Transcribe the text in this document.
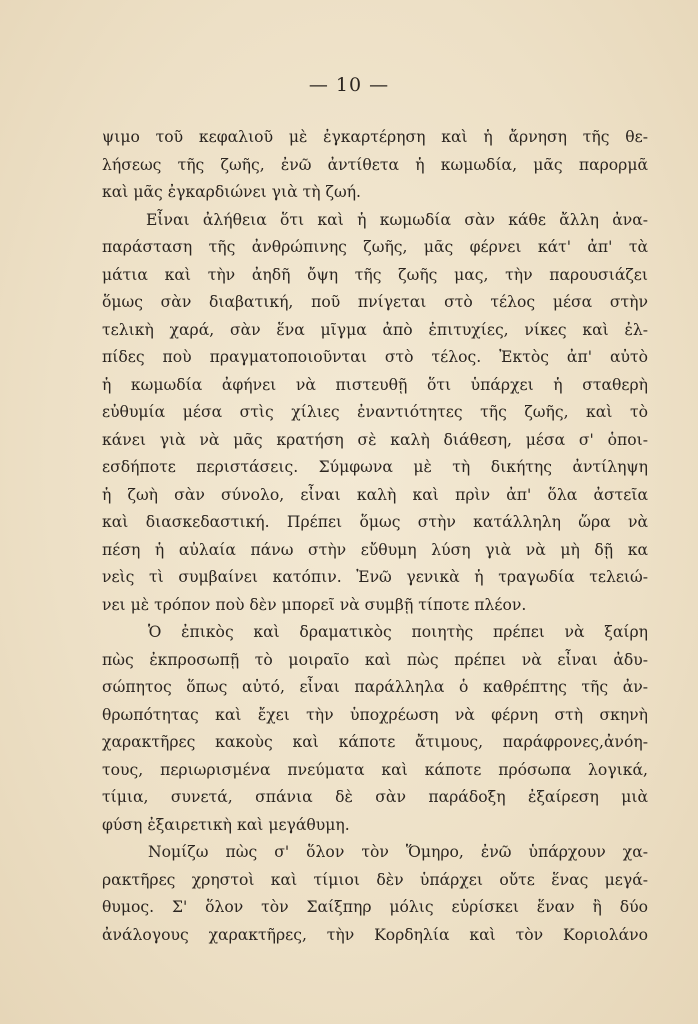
— 10 —
ψιμο τοῦ κεφαλιοῦ μὲ ἐγκαρτέρηση καὶ ἡ ἄρνηση τῆς θε-
λήσεως τῆς ζωῆς, ἐνῶ ἀντίθετα ἡ κωμωδία, μᾶς παρορμᾶ
καὶ μᾶς ἐγκαρδιώνει γιὰ τὴ ζωή.
Εἶναι ἀλήθεια ὅτι καὶ ἡ κωμωδία σὰν κάθε ἄλλη ἀνα-
παράσταση τῆς ἀνθρώπινης ζωῆς, μᾶς φέρνει κάτ' ἀπ' τὰ
μάτια καὶ τὴν ἀηδῆ ὄψη τῆς ζωῆς μας, τὴν παρουσιάζει
ὅμως σὰν διαβατική, ποῦ πνίγεται στὸ τέλος μέσα στὴν
τελικὴ χαρά, σὰν ἕνα μῖγμα ἀπὸ ἐπιτυχίες, νίκες καὶ ἐλ-
πίδες ποὺ πραγματοποιοῦνται στὸ τέλος. Ἐκτὸς ἀπ' αὐτὸ
ἡ κωμωδία ἀφήνει νὰ πιστευθῇ ὅτι ὑπάρχει ἡ σταθερὴ
εὐθυμία μέσα στὶς χίλιες ἐναντιότητες τῆς ζωῆς, καὶ τὸ
κάνει γιὰ νὰ μᾶς κρατήση σὲ καλὴ διάθεση, μέσα σ' ὁποι-
εσδήποτε περιστάσεις. Σύμφωνα μὲ τὴ δικήτης ἀντίληψη
ἡ ζωὴ σὰν σύνολο, εἶναι καλὴ καὶ πρὶν ἀπ' ὅλα ἀστεῖα
καὶ διασκεδαστική. Πρέπει ὅμως στὴν κατάλληλη ὥρα νὰ
πέση ἡ αὐλαία πάνω στὴν εὔθυμη λύση γιὰ νὰ μὴ δῇ κα
νεὶς τὶ συμβαίνει κατόπιν. Ἐνῶ γενικὰ ἡ τραγωδία τελειώ-
νει μὲ τρόπον ποὺ δὲν μπορεῖ νὰ συμβῇ τίποτε πλέον.
Ὁ ἐπικὸς καὶ δραματικὸς ποιητὴς πρέπει νὰ ξαίρη
πὼς ἐκπροσωπῇ τὸ μοιραῖο καὶ πὼς πρέπει νὰ εἶναι ἀδυ-
σώπητος ὅπως αὐτό, εἶναι παράλληλα ὁ καθρέπτης τῆς ἀν-
θρωπότητας καὶ ἔχει τὴν ὑποχρέωση νὰ φέρνη στὴ σκηνὴ
χαρακτῆρες κακοὺς καὶ κάποτε ἄτιμους, παράφρονες,ἀνόη-
τους, περιωρισμένα πνεύματα καὶ κάποτε πρόσωπα λογικά,
τίμια, συνετά, σπάνια δὲ σὰν παράδοξη ἐξαίρεση μιὰ
φύση ἐξαιρετικὴ καὶ μεγάθυμη.
Νομίζω πὼς σ' ὅλον τὸν Ὅμηρο, ἐνῶ ὑπάρχουν χα-
ρακτῆρες χρηστοὶ καὶ τίμιοι δὲν ὑπάρχει οὔτε ἕνας μεγά-
θυμος. Σ' ὅλον τὸν Σαίξπηρ μόλις εὑρίσκει ἕναν ἢ δύο
ἀνάλογους χαρακτῆρες, τὴν Κορδηλία καὶ τὸν Κοριολάνο
